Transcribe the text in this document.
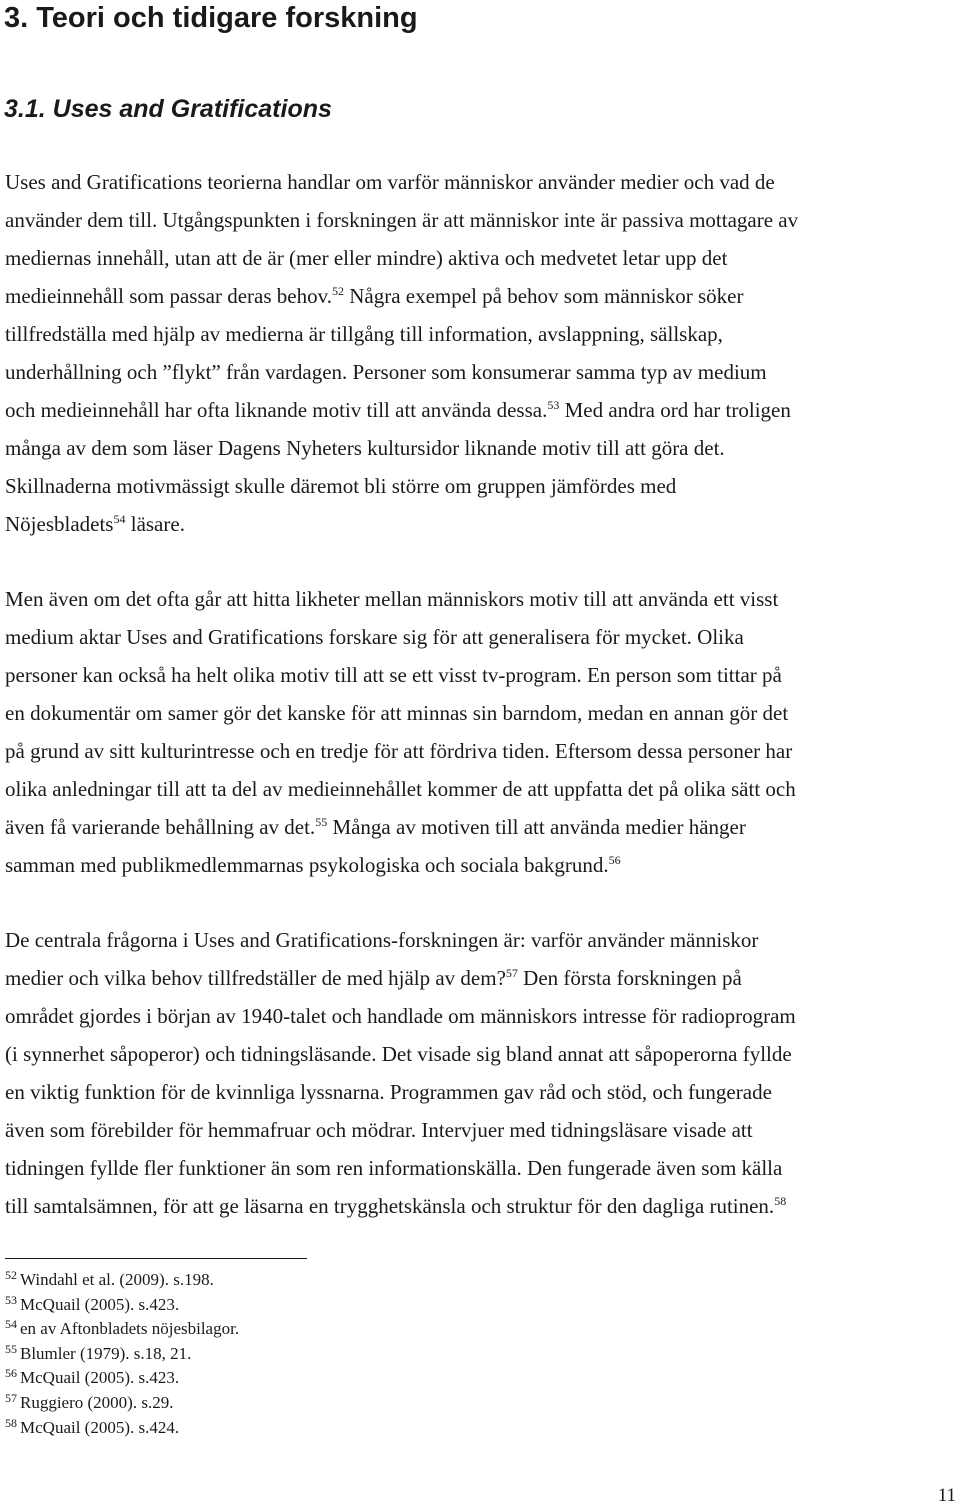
3. Teori och tidigare forskning
3.1. Uses and Gratifications
Uses and Gratifications teorierna handlar om varför människor använder medier och vad de
använder dem till. Utgångspunkten i forskningen är att människor inte är passiva mottagare av
mediernas innehåll, utan att de är (mer eller mindre) aktiva och medvetet letar upp det
medieinnehåll som passar deras behov.$^{52}$ Några exempel på behov som människor söker
tillfredställa med hjälp av medierna är tillgång till information, avslappning, sällskap,
underhållning och ”flykt” från vardagen. Personer som konsumerar samma typ av medium
och medieinnehåll har ofta liknande motiv till att använda dessa.$^{53}$ Med andra ord har troligen
många av dem som läser Dagens Nyheters kultursidor liknande motiv till att göra det.
Skillnaderna motivmässigt skulle däremot bli större om gruppen jämfördes med
Nöjesbladets$^{54}$ läsare.
Men även om det ofta går att hitta likheter mellan människors motiv till att använda ett visst
medium aktar Uses and Gratifications forskare sig för att generalisera för mycket. Olika
personer kan också ha helt olika motiv till att se ett visst tv-program. En person som tittar på
en dokumentär om samer gör det kanske för att minnas sin barndom, medan en annan gör det
på grund av sitt kulturintresse och en tredje för att fördriva tiden. Eftersom dessa personer har
olika anledningar till att ta del av medieinnehållet kommer de att uppfatta det på olika sätt och
även få varierande behållning av det.$^{55}$ Många av motiven till att använda medier hänger
samman med publikmedlemmarnas psykologiska och sociala bakgrund.$^{56}$
De centrala frågorna i Uses and Gratifications-forskningen är: varför använder människor
medier och vilka behov tillfredställer de med hjälp av dem?$^{57}$ Den första forskningen på
området gjordes i början av 1940-talet och handlade om människors intresse för radioprogram
(i synnerhet såpoperor) och tidningsläsande. Det visade sig bland annat att såpoperorna fyllde
en viktig funktion för de kvinnliga lyssnarna. Programmen gav råd och stöd, och fungerade
även som förebilder för hemmafruar och mödrar. Intervjuer med tidningsläsare visade att
tidningen fyllde fler funktioner än som ren informationskälla. Den fungerade även som källa
till samtalsämnen, för att ge läsarna en trygghetskänsla och struktur för den dagliga rutinen.$^{58}$
$^{52}$ Windahl et al. (2009). s.198.
$^{53}$ McQuail (2005). s.423.
$^{54}$ en av Aftonbladets nöjesbilagor.
$^{55}$ Blumler (1979). s.18, 21.
$^{56}$ McQuail (2005). s.423.
$^{57}$ Ruggiero (2000). s.29.
$^{58}$ McQuail (2005). s.424.
11
